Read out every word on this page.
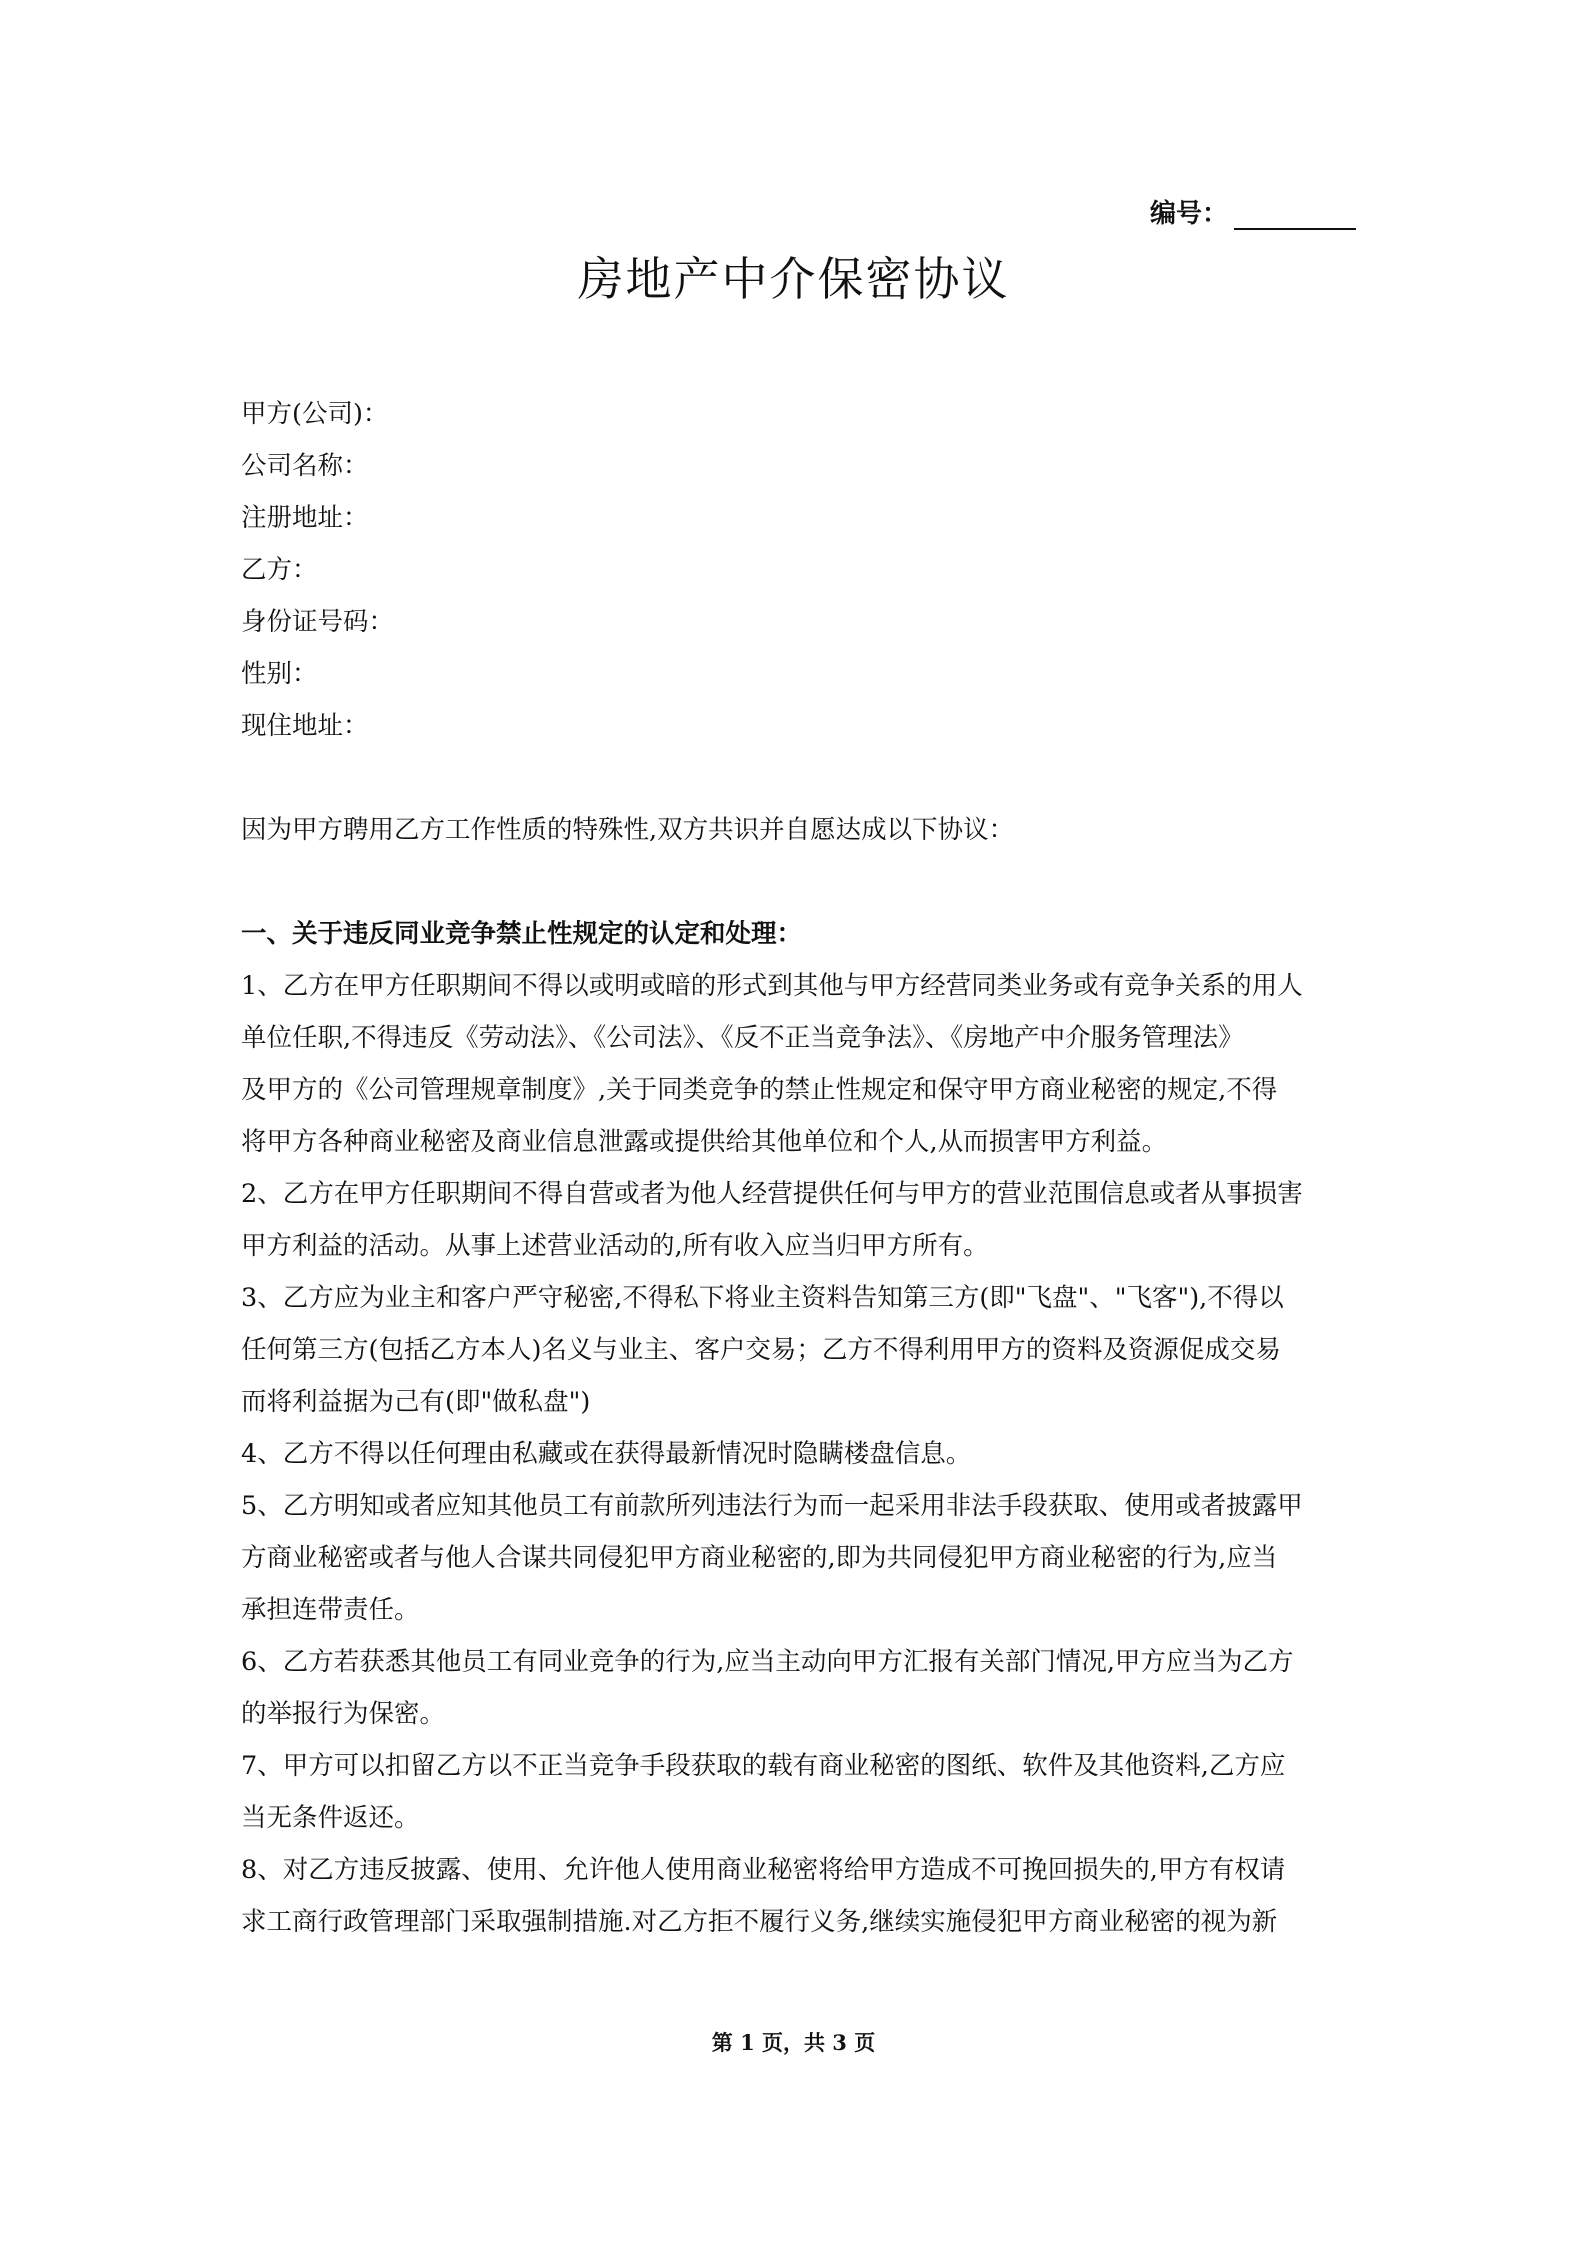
编号：
房地产中介保密协议
甲方(公司)：
公司名称：
注册地址：
乙方：
身份证号码：
性别：
现住地址：
因为甲方聘用乙方工作性质的特殊性,双方共识并自愿达成以下协议：
一、关于违反同业竞争禁止性规定的认定和处理：
1、乙方在甲方任职期间不得以或明或暗的形式到其他与甲方经营同类业务或有竞争关系的用人
单位任职,不得违反《劳动法》、《公司法》、《反不正当竞争法》、《房地产中介服务管理法》
及甲方的《公司管理规章制度》,关于同类竞争的禁止性规定和保守甲方商业秘密的规定,不得
将甲方各种商业秘密及商业信息泄露或提供给其他单位和个人,从而损害甲方利益。
2、乙方在甲方任职期间不得自营或者为他人经营提供任何与甲方的营业范围信息或者从事损害
甲方利益的活动。从事上述营业活动的,所有收入应当归甲方所有。
3、乙方应为业主和客户严守秘密,不得私下将业主资料告知第三方(即"飞盘"、"飞客"),不得以
任何第三方(包括乙方本人)名义与业主、客户交易；乙方不得利用甲方的资料及资源促成交易
而将利益据为己有(即"做私盘")
4、乙方不得以任何理由私藏或在获得最新情况时隐瞒楼盘信息。
5、乙方明知或者应知其他员工有前款所列违法行为而一起采用非法手段获取、使用或者披露甲
方商业秘密或者与他人合谋共同侵犯甲方商业秘密的,即为共同侵犯甲方商业秘密的行为,应当
承担连带责任。
6、乙方若获悉其他员工有同业竞争的行为,应当主动向甲方汇报有关部门情况,甲方应当为乙方
的举报行为保密。
7、甲方可以扣留乙方以不正当竞争手段获取的载有商业秘密的图纸、软件及其他资料,乙方应
当无条件返还。
8、对乙方违反披露、使用、允许他人使用商业秘密将给甲方造成不可挽回损失的,甲方有权请
求工商行政管理部门采取强制措施.对乙方拒不履行义务,继续实施侵犯甲方商业秘密的视为新
第 1 页，共 3 页
